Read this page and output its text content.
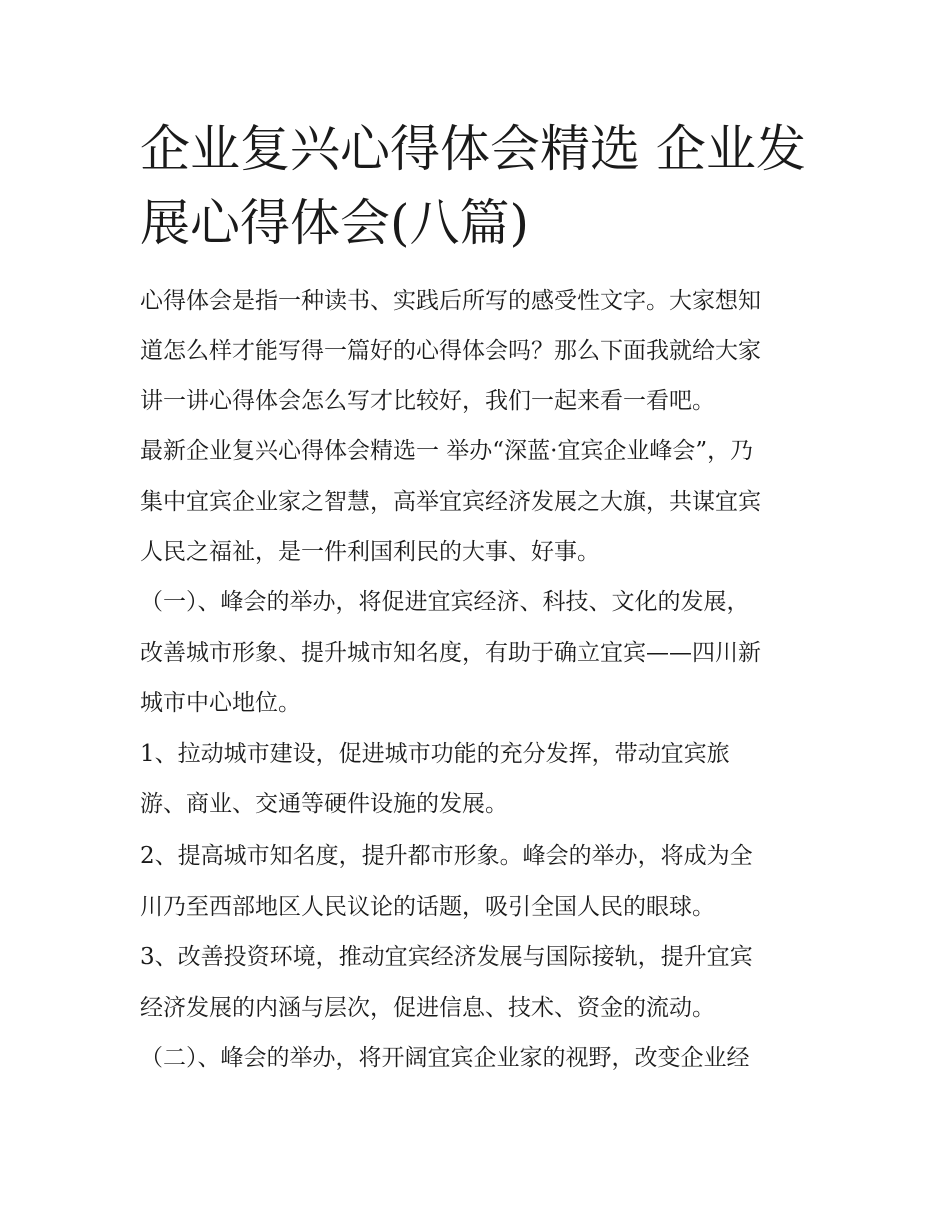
企业复兴心得体会精选 企业发
展心得体会(八篇)

心得体会是指一种读书、实践后所写的感受性文字。大家想知

道怎么样才能写得一篇好的心得体会吗？那么下面我就给大家

讲一讲心得体会怎么写才比较好，我们一起来看一看吧。

最新企业复兴心得体会精选一 举办“深蓝·宜宾企业峰会”，乃

集中宜宾企业家之智慧，高举宜宾经济发展之大旗，共谋宜宾

人民之福祉，是一件利国利民的大事、好事。

（一）、峰会的举办，将促进宜宾经济、科技、文化的发展，

改善城市形象、提升城市知名度，有助于确立宜宾——四川新

城市中心地位。

1、拉动城市建设，促进城市功能的充分发挥，带动宜宾旅

游、商业、交通等硬件设施的发展。

2、提高城市知名度，提升都市形象。峰会的举办，将成为全

川乃至西部地区人民议论的话题，吸引全国人民的眼球。

3、改善投资环境，推动宜宾经济发展与国际接轨，提升宜宾

经济发展的内涵与层次，促进信息、技术、资金的流动。

（二）、峰会的举办，将开阔宜宾企业家的视野，改变企业经
